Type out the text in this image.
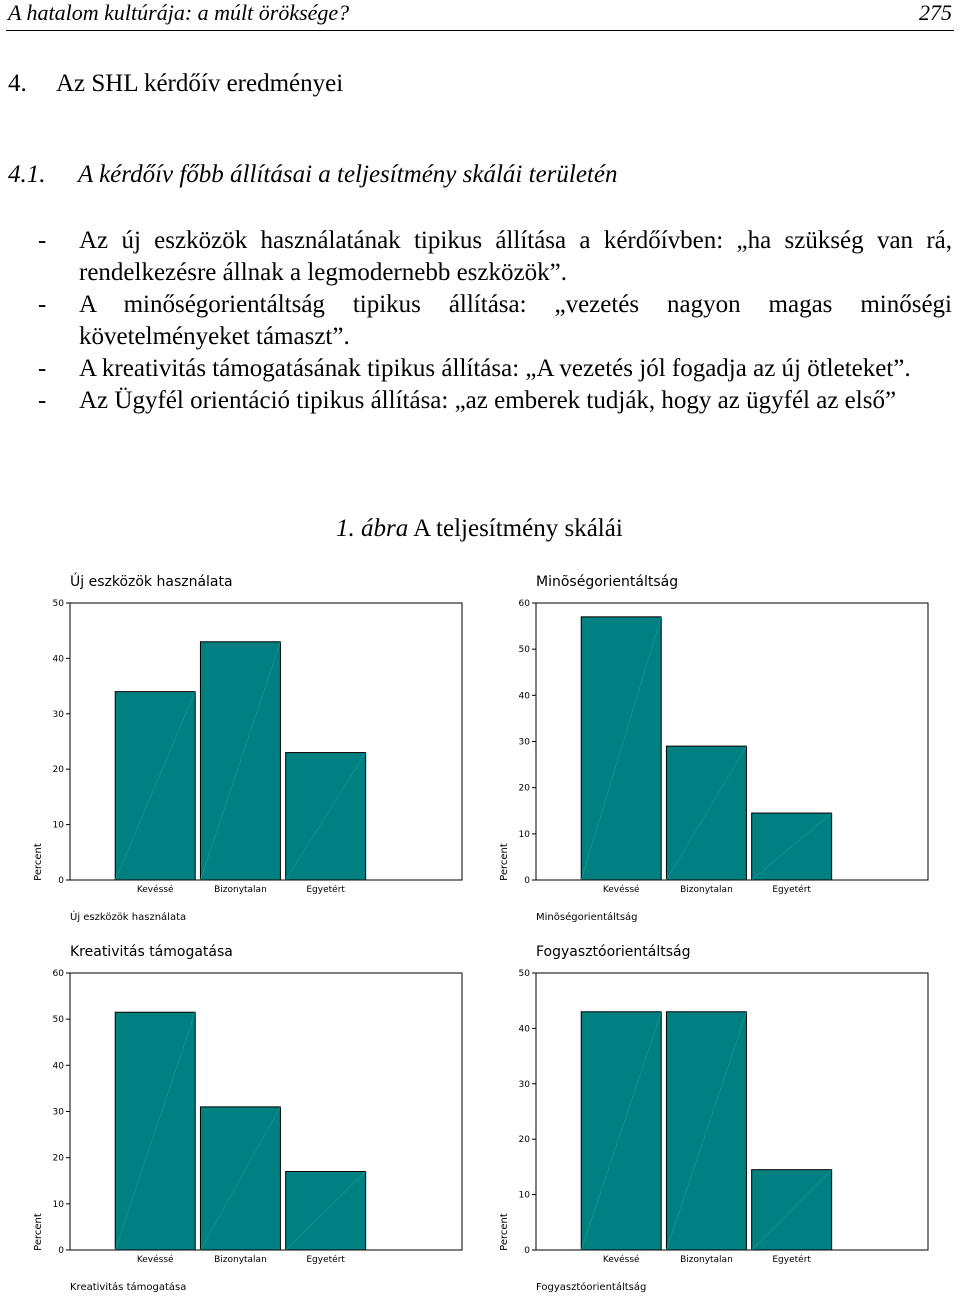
A hatalom kultúrája: a múlt öröksége?	275
4. Az SHL kérdőív eredményei
4.1. A kérdőív főbb állításai a teljesítmény skálái területén
- Az új eszközök használatának tipikus állítása a kérdőívben: „ha szükség van rá, rendelkezésre állnak a legmodernebb eszközök”.
- A minőségorientáltság tipikus állítása: „vezetés nagyon magas minőségi követelményeket támaszt”.
- A kreativitás támogatásának tipikus állítása: „A vezetés jól fogadja az új ötleteket”.
- Az Ügyfél orientáció tipikus állítása: „az emberek tudják, hogy az ügyfél az első”
1. ábra A teljesítmény skálái
Új eszközök használata
0
10
20
30
40
50
Percent
Kevéssé	Bizonytalan	Egyetért
Új eszközök használata
Minõségorientáltság
0
10
20
30
40
50
60
Percent
Kevéssé	Bizonytalan	Egyetért
Minõségorientáltság
Kreativitás támogatása
0
10
20
30
40
50
60
Percent
Kevéssé	Bizonytalan	Egyetért
Kreativitás támogatása
Fogyasztóorientáltság
0
10
20
30
40
50
Percent
Kevéssé	Bizonytalan	Egyetért
Fogyasztóorientáltság
